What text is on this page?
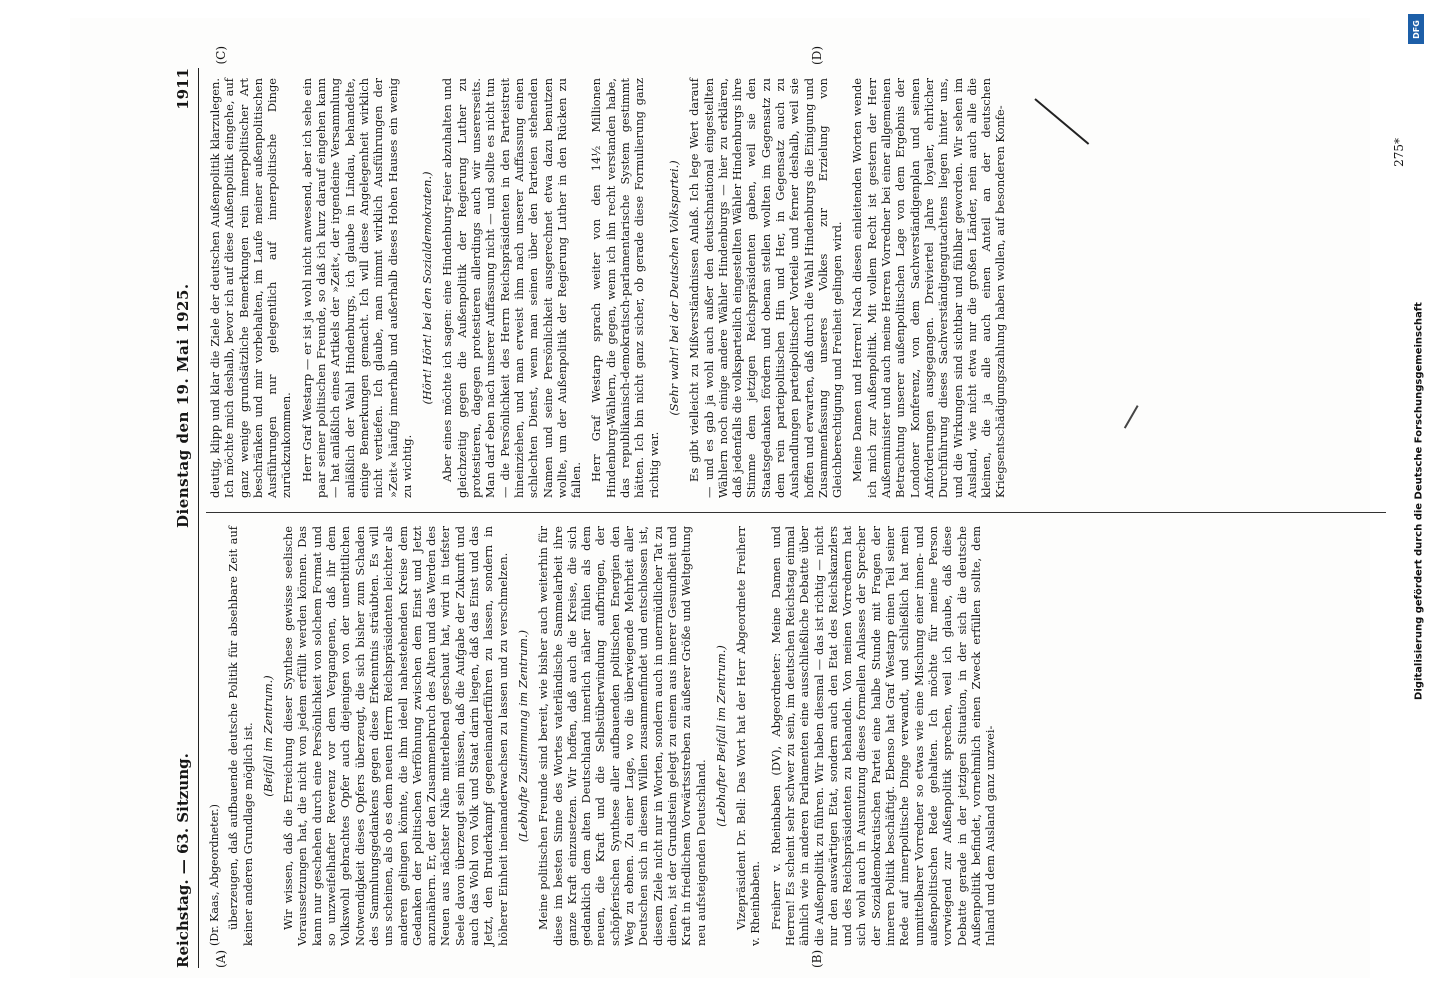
Reichstag. — 63. Sitzung.
Dienstag den 19. Mai 1925.
1911
(A)	(B)
(C)	(D)

(Dr. Kaas, Abgeordneter.) überzeugen, daß aufbauende deutsche Politik für absehbare Zeit auf keiner anderen Grundlage möglich ist. (Beifall im Zentrum.) Wir wissen, daß die Erreichung dieser Synthese gewisse seelische Voraussetzungen hat, die nicht von jedem erfüllt werden können. Das kann nur geschehen durch eine Persönlichkeit von solchem Format und so unzweifelhafter Reverenz vor dem Vergangenen, daß ihr dem Volkswohl gebrachtes Opfer auch diejenigen von der unerbittlichen Notwendigkeit dieses Opfers überzeugt, die sich bisher zum Schaden des Sammlungsgedankens gegen diese Erkenntnis sträubten. Es will uns scheinen, als ob es dem neuen Herrn Reichspräsidenten leichter als anderen gelingen könnte, die ihm ideell nahestehenden Kreise dem Gedanken der politischen Verföhnung zwischen dem Einst und Jetzt anzunähern. Er, der den Zusammenbruch des Alten und das Werden des Neuen aus nächster Nähe miterlebend geschaut hat, wird in tiefster Seele davon überzeugt sein müssen, daß die Aufgabe der Zukunft und auch das Wohl von Volk und Staat darin liegen, daß das Einst und das Jetzt, den Bruderkampf gegeneinanderführen zu lassen, sondern in höherer Einheit ineinanderwachsen zu lassen und zu verschmelzen. (Lebhafte Zustimmung im Zentrum.) Meine politischen Freunde sind bereit, wie bisher auch weiterhin für diese im besten Sinne des Wortes vaterländische Sammelarbeit ihre ganze Kraft einzusetzen. Wir hoffen, daß auch die Kreise, die sich gedanklich dem alten Deutschland innerlich näher fühlen als dem neuen, die Kraft und die Selbstüberwindung aufbringen, der schöpferischen Synthese aller aufbauenden politischen Energien den Weg zu ebnen. Zu einer Lage, wo die überwiegende Mehrheit aller Deutschen sich in diesem Willen zusammenfindet und entschlossen ist, diesem Ziele nicht nur in Worten, sondern auch in unermüdlicher Tat zu dienen, ist der Grundstein gelegt zu einem aus innerer Gesundheit und Kraft in friedlichem Vorwärtsstreben zu äußerer Größe und Weltgeltung neu aufsteigenden Deutschland.

(Lebhafter Beifall im Zentrum.) Vizepräsident Dr. Bell: Das Wort hat der Herr Abgeordnete Freiherr v. Rheinbaben. Freiherr v. Rheinbaben (DV), Abgeordneter: Meine Damen und Herren! Es scheint sehr schwer zu sein, im deutschen Reichstag einmal ähnlich wie in anderen Parlamenten eine ausschließliche Debatte über die Außenpolitik zu führen. Wir haben diesmal — das ist richtig — nicht nur den auswärtigen Etat, sondern auch den Etat des Reichskanzlers und des Reichspräsidenten zu behandeln. Von meinen Vorrednern hat sich wohl auch in Ausnutzung dieses formellen Anlasses der Sprecher der Sozialdemokratischen Partei eine halbe Stunde mit Fragen der inneren Politik beschäftigt. Ebenso hat Graf Westarp einen Teil seiner Rede auf innerpolitische Dinge verwandt, und schließlich hat mein unmittelbarer Vorredner so etwas wie eine Mischung einer innen- und außenpolitischen Rede gehalten. Ich möchte für meine Person vorwiegend zur Außenpolitik sprechen, weil ich glaube, daß diese Debatte gerade in der jetzigen Situation, in der sich die deutsche Außenpolitik befindet, vornehmlich einen Zweck erfüllen sollte, dem Inland und dem Ausland ganz unzwei-

deutig, klipp und klar die Ziele der deutschen Außenpolitik klarzulegen. Ich möchte mich deshalb, bevor ich auf diese Außenpolitik eingehe, auf ganz wenige grundsätzliche Bemerkungen rein innerpolitischer Art beschränken und mir vorbehalten, im Laufe meiner außenpolitischen Ausführungen nur gelegentlich auf innerpolitische Dinge zurückzukommen. Herr Graf Westarp — er ist ja wohl nicht anwesend, aber ich sehe ein paar seiner politischen Freunde, so daß ich kurz darauf eingehen kann — hat anläßlich eines Artikels der »Zeit«, der irgendeine Versammlung anläßlich der Wahl Hindenburgs, ich glaube in Lindau, behandelte, einige Bemerkungen gemacht. Ich will diese Angelegenheit wirklich nicht vertiefen. Ich glaube, man nimmt wirklich Ausführungen der »Zeit« häufig innerhalb und außerhalb dieses Hohen Hauses ein wenig zu wichtig.

(Hört! Hört! bei den Sozialdemokraten.) Aber eines möchte ich sagen: eine Hindenburg-Feier abzuhalten und gleichzeitig gegen die Außenpolitik der Regierung Luther zu protestieren, dagegen protestieren allerdings auch wir unsererseits. Man darf eben nach unserer Auffassung nicht — und sollte es nicht tun — die Persönlichkeit des Herrn Reichspräsidenten in den Parteistreit hineinziehen, und man erweist ihm nach unserer Auffassung einen schlechten Dienst, wenn man seinen über den Parteien stehenden Namen und seine Persönlichkeit ausgerechnet etwa dazu benutzen wollte, um der Außenpolitik der Regierung Luther in den Rücken zu fallen. Herr Graf Westarp sprach weiter von den 14½ Millionen Hindenburg-Wählern, die gegen, wenn ich ihn recht verstanden habe, das republikanisch-demokratisch-parlamentarische System gestimmt hätten. Ich bin nicht ganz sicher, ob gerade diese Formulierung ganz richtig war.

(Sehr wahr! bei der Deutschen Volkspartei.) Es gibt vielleicht zu Mißverständnissen Anlaß. Ich lege Wert darauf — und es gab ja wohl auch außer den deutschnational eingestellten Wählern noch einige andere Wähler Hindenburgs — hier zu erklären, daß jedenfalls die volksparteilich eingestellten Wähler Hindenburgs ihre Stimme dem jetzigen Reichspräsidenten gaben, weil sie den Staatsgedanken fördern und obenan stellen wollten im Gegensatz zu dem rein parteipolitischen Hin und Her, in Gegensatz auch zu Aushandlungen parteipolitischer Vorteile und ferner deshalb, weil sie hoffen und erwarten, daß durch die Wahl Hindenburgs die Einigung und Zusammenfassung unseres Volkes zur Erzielung von Gleichberechtigung und Freiheit gelingen wird. Meine Damen und Herren! Nach diesen einleitenden Worten wende ich mich zur Außenpolitik. Mit vollem Recht ist gestern der Herr Außenminister und auch meine Herren Vorredner bei einer allgemeinen Betrachtung unserer außenpolitischen Lage von dem Ergebnis der Londoner Konferenz, von dem Sachverständigenplan und seinen Anforderungen ausgegangen. Dreiviertel Jahre loyaler, ehrlicher Durchführung dieses Sachverständigengutachtens liegen hinter uns, und die Wirkungen sind sichtbar und fühlbar geworden. Wir sehen im Ausland, wie nicht etwa nur die großen Länder, nein auch alle die kleinen, die ja alle auch einen Anteil an der deutschen Kriegsentschädigungszahlung haben wollen, auf besonderen Konfe-	275*
DFG
Digitalisierung gefördert durch die Deutsche Forschungsgemeinschaft
